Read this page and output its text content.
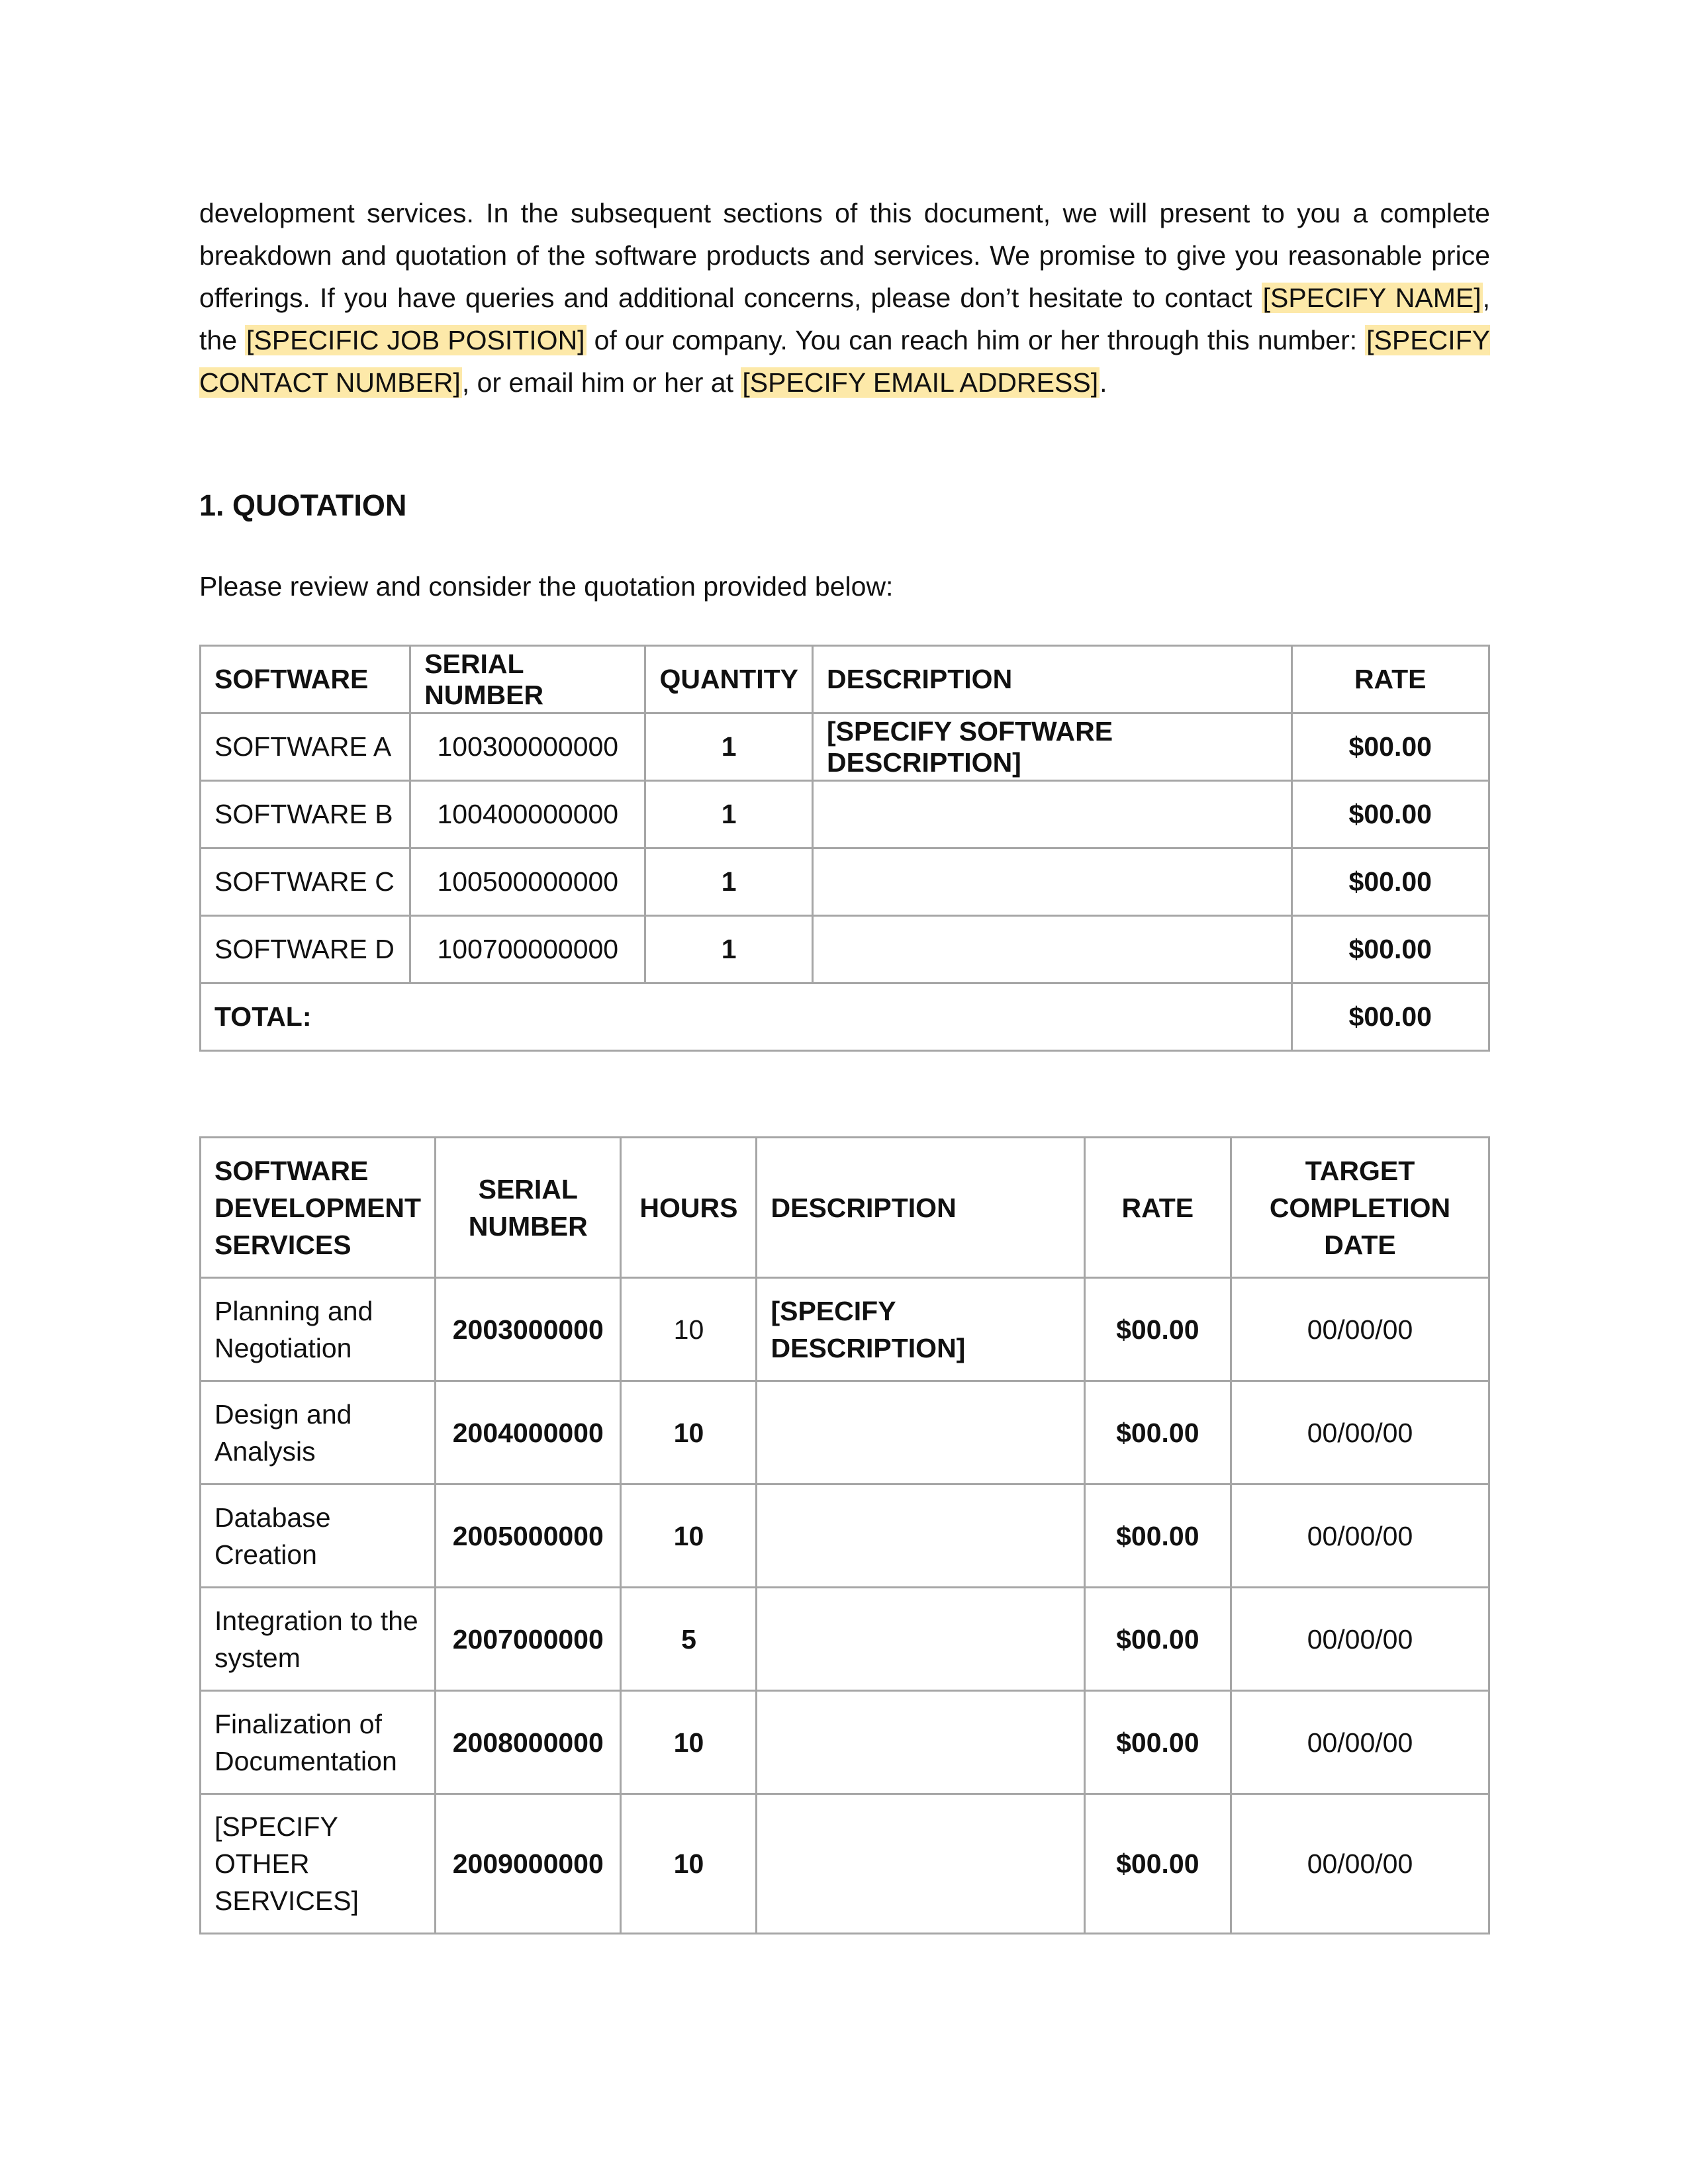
development services. In the subsequent sections of this document, we will present to you a complete breakdown and quotation of the software products and services. We promise to give you reasonable price offerings. If you have queries and additional concerns, please don’t hesitate to contact [SPECIFY NAME], the [SPECIFIC JOB POSITION] of our company. You can reach him or her through this number: [SPECIFY CONTACT NUMBER], or email him or her at [SPECIFY EMAIL ADDRESS].

1. QUOTATION

Please review and consider the quotation provided below:

SOFTWARE	SERIAL NUMBER	QUANTITY	DESCRIPTION	RATE
SOFTWARE A	100300000000	1	[SPECIFY SOFTWARE DESCRIPTION]	$00.00
SOFTWARE B	100400000000	1		$00.00
SOFTWARE C	100500000000	1		$00.00
SOFTWARE D	100700000000	1		$00.00
TOTAL:				$00.00
SOFTWARE DEVELOPMENT SERVICES	SERIAL NUMBER	HOURS	DESCRIPTION	RATE	TARGET COMPLETION DATE
Planning and Negotiation	2003000000	10	[SPECIFY DESCRIPTION]	$00.00	00/00/00
Design and Analysis	2004000000	10		$00.00	00/00/00
Database Creation	2005000000	10		$00.00	00/00/00
Integration to the system	2007000000	5		$00.00	00/00/00
Finalization of Documentation	2008000000	10		$00.00	00/00/00
[SPECIFY OTHER SERVICES]	2009000000	10		$00.00	00/00/00
